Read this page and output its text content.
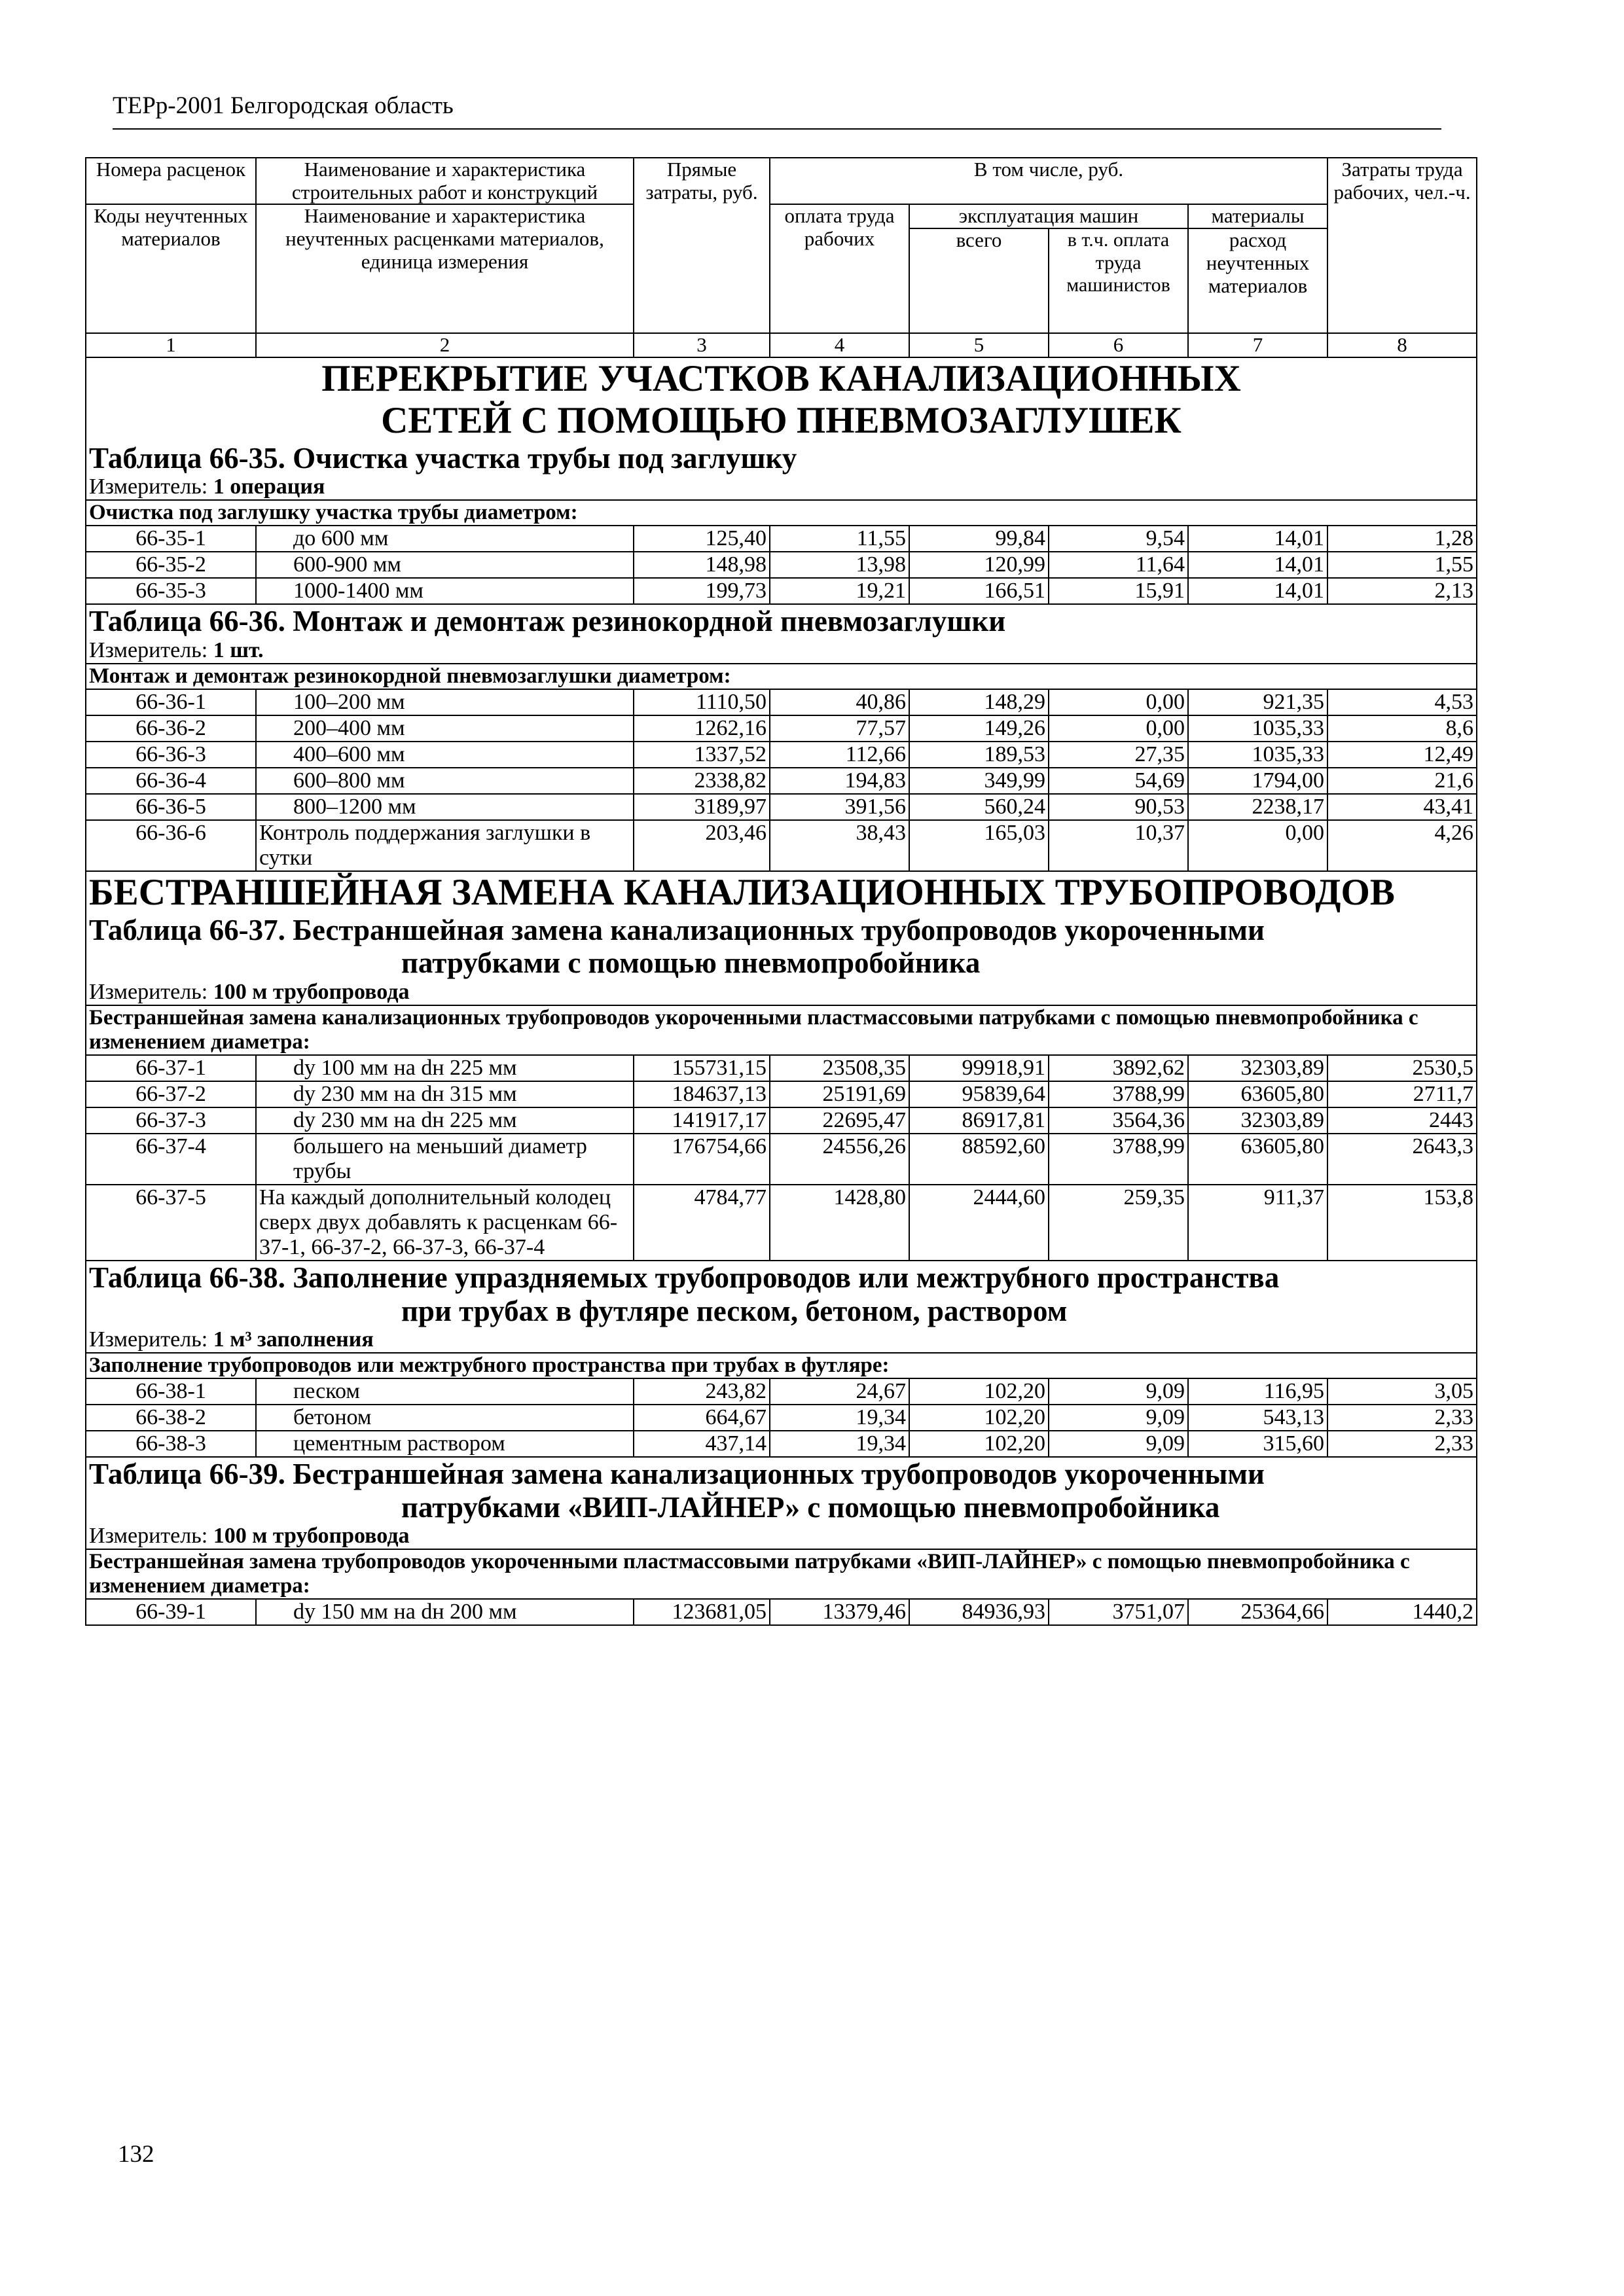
ТЕРр-2001 Белгородская область
Номера расценок	Наименование и характеристика строительных работ и конструкций	Прямые затраты, руб.	В том числе, руб.				Затраты труда рабочих, чел.-ч.
Коды неучтенных материалов	Наименование и характеристика неучтенных расценками материалов, единица измерения		оплата труда рабочих	эксплуатация машин		материалы	
				всего	в т.ч. оплата труда машинистов	расход неучтенных материалов	
1	2	3	4	5	6	7	8
ПЕРЕКРЫТИЕ УЧАСТКОВ КАНАЛИЗАЦИОННЫХ СЕТЕЙ С ПОМОЩЬЮ ПНЕВМОЗАГЛУШЕК							
Таблица 66-35. Очистка участка трубы под заглушку							
Измеритель: 1 операция							
Очистка под заглушку участка трубы диаметром:							
66-35-1	до 600 мм	125,40	11,55	99,84	9,54	14,01	1,28
66-35-2	600-900 мм	148,98	13,98	120,99	11,64	14,01	1,55
66-35-3	1000-1400 мм	199,73	19,21	166,51	15,91	14,01	2,13
Таблица 66-36. Монтаж и демонтаж резинокордной пневмозаглушки							
Измеритель: 1 шт.							
Монтаж и демонтаж резинокордной пневмозаглушки диаметром:							
66-36-1	100–200 мм	1110,50	40,86	148,29	0,00	921,35	4,53
66-36-2	200–400 мм	1262,16	77,57	149,26	0,00	1035,33	8,6
66-36-3	400–600 мм	1337,52	112,66	189,53	27,35	1035,33	12,49
66-36-4	600–800 мм	2338,82	194,83	349,99	54,69	1794,00	21,6
66-36-5	800–1200 мм	3189,97	391,56	560,24	90,53	2238,17	43,41
66-36-6	Контроль поддержания заглушки в сутки	203,46	38,43	165,03	10,37	0,00	4,26
БЕСТРАНШЕЙНАЯ ЗАМЕНА КАНАЛИЗАЦИОННЫХ ТРУБОПРОВОДОВ							
Таблица 66-37. Бестраншейная замена канализационных трубопроводов укороченными
патрубками с помощью пневмопробойника							

Измеритель: 100 м трубопровода							
Бестраншейная замена канализационных трубопроводов укороченными пластмассовыми патрубками с помощью пневмопробойника с изменением диаметра:							
66-37-1	dу 100 мм на dн 225 мм	155731,15	23508,35	99918,91	3892,62	32303,89	2530,5
66-37-2	dу 230 мм на dн 315 мм	184637,13	25191,69	95839,64	3788,99	63605,80	2711,7
66-37-3	dу 230 мм на dн 225 мм	141917,17	22695,47	86917,81	3564,36	32303,89	2443
66-37-4	большего на меньший диаметр трубы	176754,66	24556,26	88592,60	3788,99	63605,80	2643,3
66-37-5	На каждый дополнительный колодец сверх двух добавлять к расценкам 66-37-1, 66-37-2, 66-37-3, 66-37-4	4784,77	1428,80	2444,60	259,35	911,37	153,8
Таблица 66-38. Заполнение упраздняемых трубопроводов или межтрубного пространства
при трубах в футляре песком, бетоном, раствором							

Измеритель: 1 м³ заполнения							
Заполнение трубопроводов или межтрубного пространства при трубах в футляре:							
66-38-1	песком	243,82	24,67	102,20	9,09	116,95	3,05
66-38-2	бетоном	664,67	19,34	102,20	9,09	543,13	2,33
66-38-3	цементным раствором	437,14	19,34	102,20	9,09	315,60	2,33
Таблица 66-39. Бестраншейная замена канализационных трубопроводов укороченными
патрубками «ВИП-ЛАЙНЕР» с помощью пневмопробойника							

Измеритель: 100 м трубопровода							
Бестраншейная замена трубопроводов укороченными пластмассовыми патрубками «ВИП-ЛАЙНЕР» с помощью пневмопробойника с изменением диаметра:							
66-39-1	dу 150 мм на dн 200 мм	123681,05	13379,46	84936,93	3751,07	25364,66	1440,2
132
